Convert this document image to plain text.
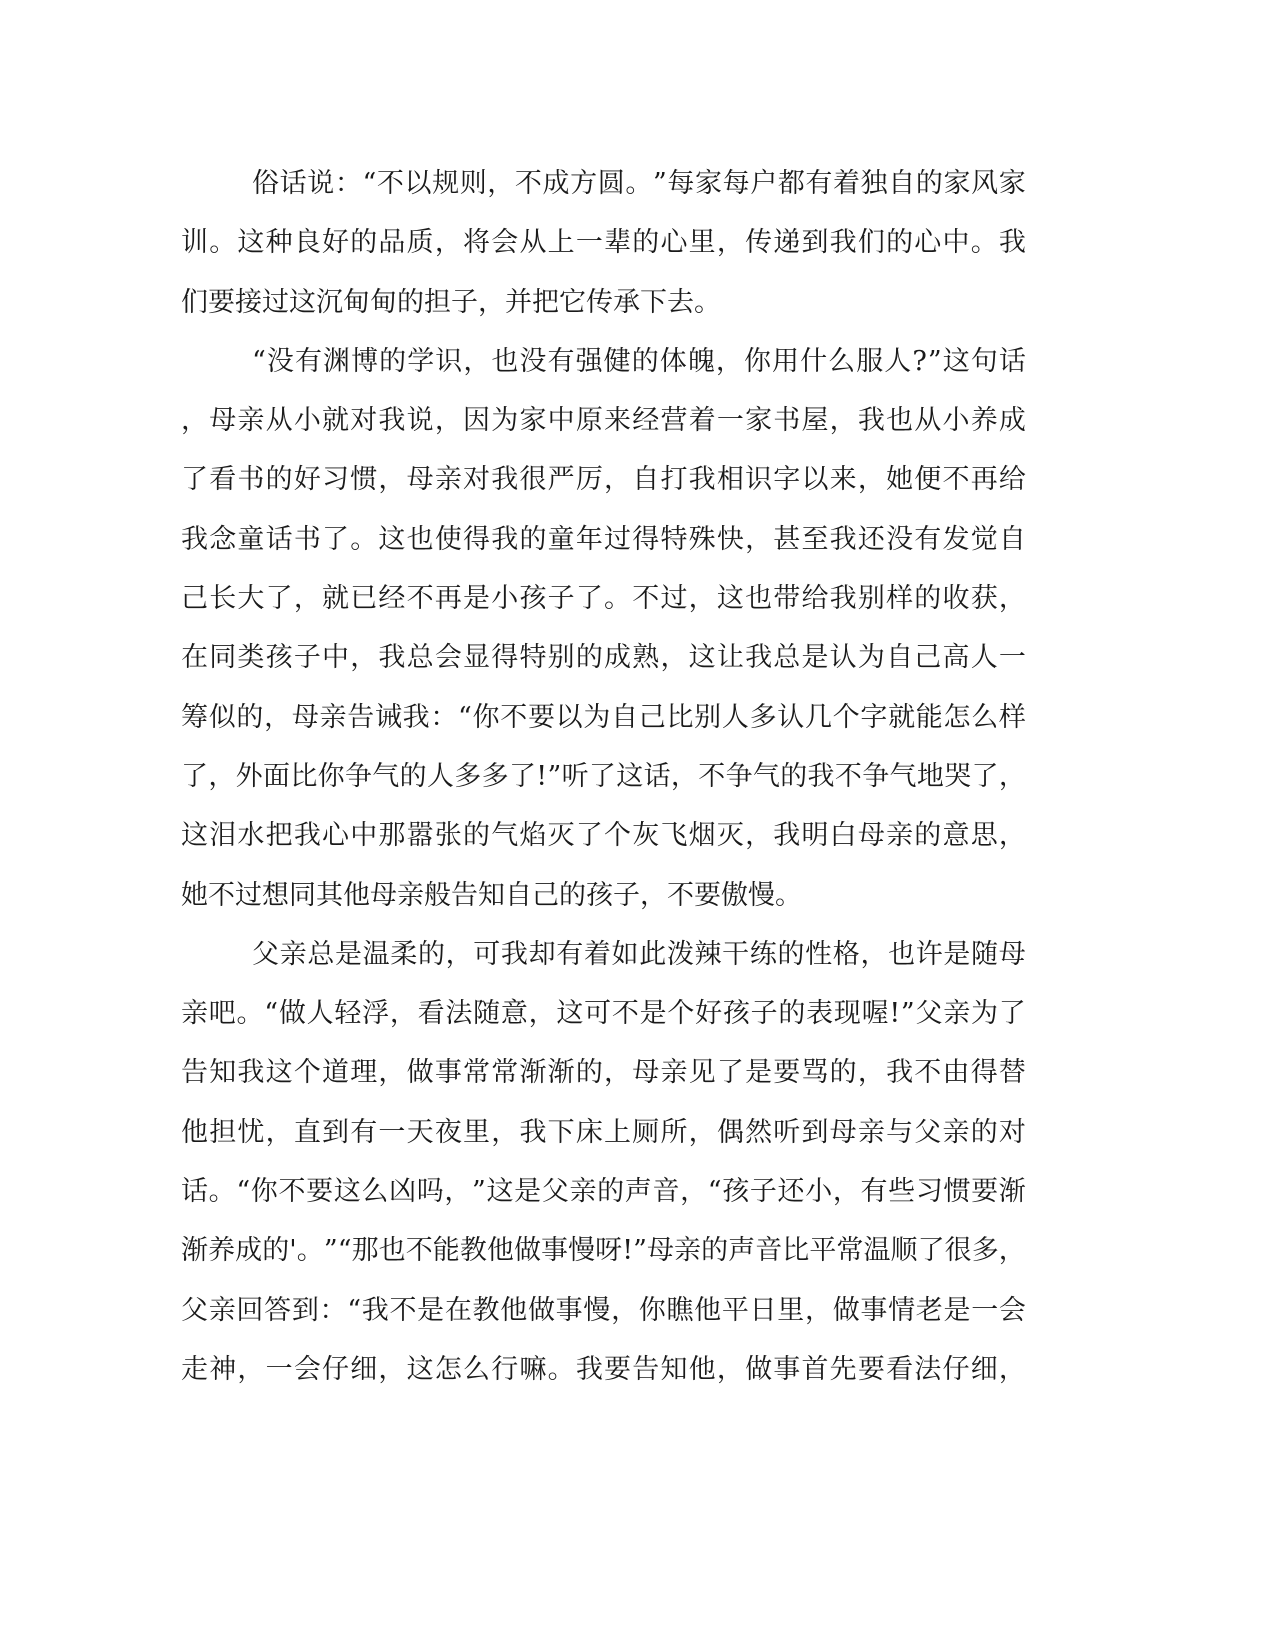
俗 话 说 ： “ 不 以 规 则 ， 不 成 方 圆 。 ” 每 家 每 户 都 有 着 独 自 的 家 风 家
训 。 这 种 良 好 的 品 质 ， 将 会 从 上 一 辈 的 心 里 ， 传 递 到 我 们 的 心 中 。 我
们要接过这沉甸甸的担子，并把它传承下去。
“ 没 有 渊 博 的 学 识 ， 也 没 有 强 健 的 体 魄 ， 你 用 什 么 服 人 ? ” 这 句 话
， 母 亲 从 小 就 对 我 说 ， 因 为 家 中 原 来 经 营 着 一 家 书 屋 ， 我 也 从 小 养 成
了 看 书 的 好 习 惯 ， 母 亲 对 我 很 严 厉 ， 自 打 我 相 识 字 以 来 ， 她 便 不 再 给
我 念 童 话 书 了 。 这 也 使 得 我 的 童 年 过 得 特 殊 快 ， 甚 至 我 还 没 有 发 觉 自
己 长 大 了 ， 就 已 经 不 再 是 小 孩 子 了 。 不 过 ， 这 也 带 给 我 别 样 的 收 获 ，
在 同 类 孩 子 中 ， 我 总 会 显 得 特 别 的 成 熟 ， 这 让 我 总 是 认 为 自 己 高 人 一
筹 似 的 ， 母 亲 告 诫 我 ： “ 你 不 要 以 为 自 己 比 别 人 多 认 几 个 字 就 能 怎 么 样
了 ， 外 面 比 你 争 气 的 人 多 多 了 ! ” 听 了 这 话 ， 不 争 气 的 我 不 争 气 地 哭 了 ，
这 泪 水 把 我 心 中 那 嚣 张 的 气 焰 灭 了 个 灰 飞 烟 灭 ， 我 明 白 母 亲 的 意 思 ，
她不过想同其他母亲般告知自己的孩子，不要傲慢。
父 亲 总 是 温 柔 的 ， 可 我 却 有 着 如 此 泼 辣 干 练 的 性 格 ， 也 许 是 随 母
亲 吧 。 “ 做 人 轻 浮 ， 看 法 随 意 ， 这 可 不 是 个 好 孩 子 的 表 现 喔 ! ” 父 亲 为 了
告 知 我 这 个 道 理 ， 做 事 常 常 渐 渐 的 ， 母 亲 见 了 是 要 骂 的 ， 我 不 由 得 替
他 担 忧 ， 直 到 有 一 天 夜 里 ， 我 下 床 上 厕 所 ， 偶 然 听 到 母 亲 与 父 亲 的 对
话 。 “ 你 不 要 这 么 凶 吗 ， ” 这 是 父 亲 的 声 音 ， “ 孩 子 还 小 ， 有 些 习 惯 要 渐
渐 养 成 的 ' 。 ” “ 那 也 不 能 教 他 做 事 慢 呀 ! ” 母 亲 的 声 音 比 平 常 温 顺 了 很 多 ，
父 亲 回 答 到 ： “ 我 不 是 在 教 他 做 事 慢 ， 你 瞧 他 平 日 里 ， 做 事 情 老 是 一 会
走 神 ， 一 会 仔 细 ， 这 怎 么 行 嘛 。 我 要 告 知 他 ， 做 事 首 先 要 看 法 仔 细 ，
